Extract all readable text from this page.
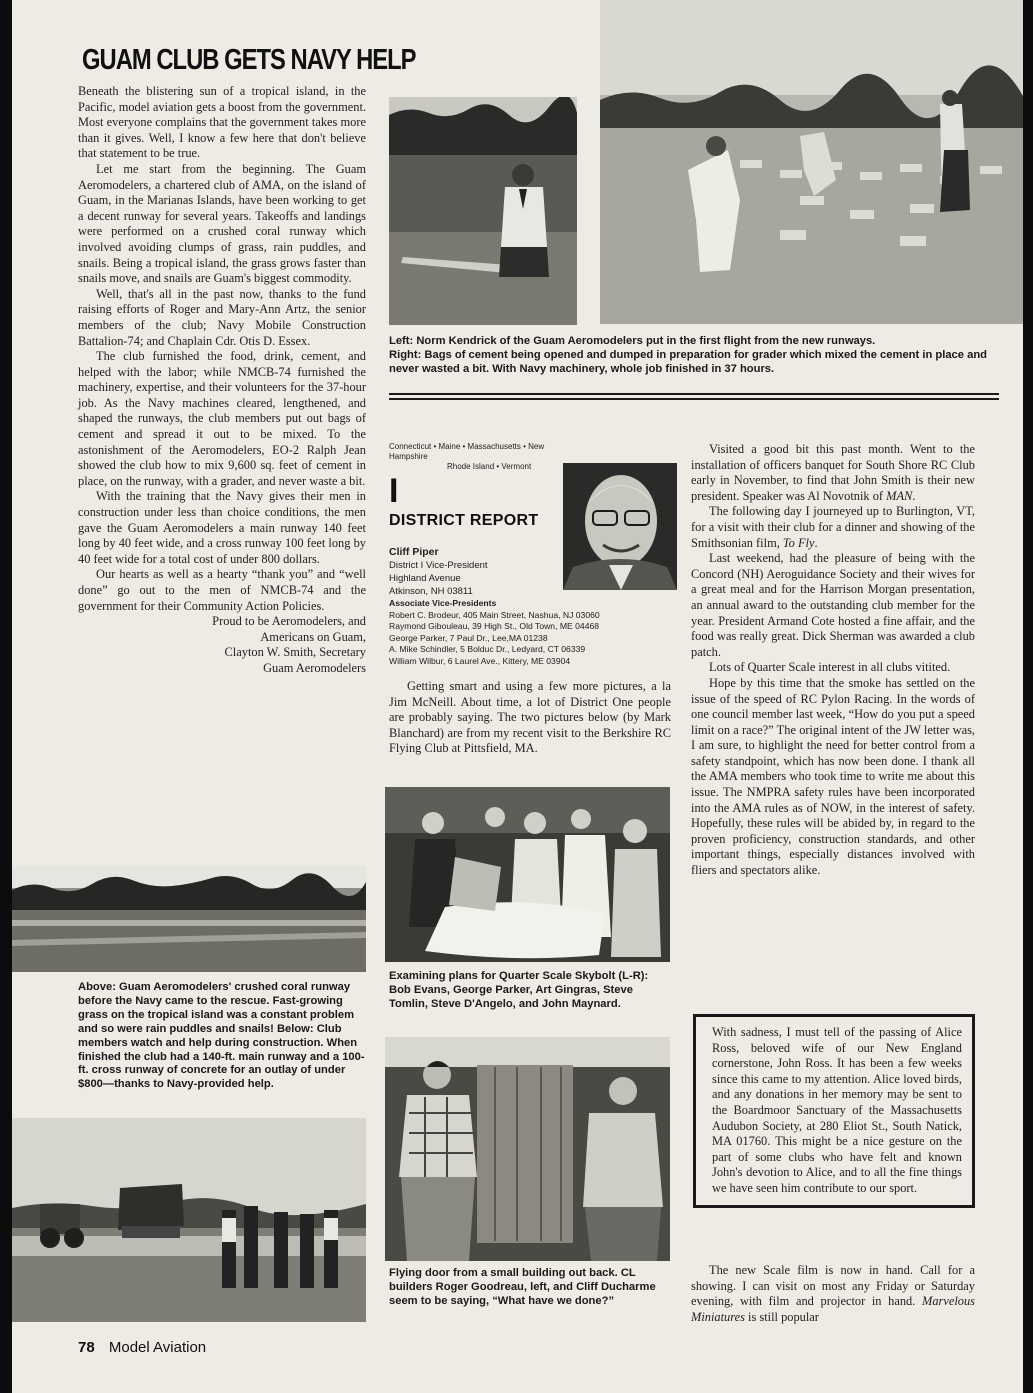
GUAM CLUB GETS NAVY HELP

Beneath the blistering sun of a tropical island, in the Pacific, model aviation gets a boost from the government. Most everyone complains that the government takes more than it gives. Well, I know a few here that don't believe that statement to be true.

Let me start from the beginning. The Guam Aeromodelers, a chartered club of AMA, on the island of Guam, in the Marianas Islands, have been working to get a decent runway for several years. Takeoffs and landings were performed on a crushed coral runway which involved avoiding clumps of grass, rain puddles, and snails. Being a tropical island, the grass grows faster than snails move, and snails are Guam's biggest commodity.

Well, that's all in the past now, thanks to the fund raising efforts of Roger and Mary-Ann Artz, the senior members of the club; Navy Mobile Construction Battalion-74; and Chaplain Cdr. Otis D. Essex.

The club furnished the food, drink, cement, and helped with the labor; while NMCB-74 furnished the machinery, expertise, and their volunteers for the 37-hour job. As the Navy machines cleared, lengthened, and shaped the runways, the club members put out bags of cement and spread it out to be mixed. To the astonishment of the Aeromodelers, EO-2 Ralph Jean showed the club how to mix 9,600 sq. feet of cement in place, on the runway, with a grader, and never waste a bit.

With the training that the Navy gives their men in construction under less than choice conditions, the men gave the Guam Aeromodelers a main runway 140 feet long by 40 feet wide, and a cross runway 100 feet long by 40 feet wide for a total cost of under 800 dollars.

Our hearts as well as a hearty “thank you” and “well done” go out to the men of NMCB-74 and the government for their Community Action Policies.

Proud to be Aeromodelers, and
Americans on Guam,
Clayton W. Smith, Secretary
Guam Aeromodelers
Left: Norm Kendrick of the Guam Aeromodelers put in the first flight from the new runways.
Right: Bags of cement being opened and dumped in preparation for grader which mixed the cement in place and never wasted a bit. With Navy machinery, whole job finished in 37 hours.
Above: Guam Aeromodelers' crushed coral runway before the Navy came to the rescue. Fast-growing grass on the tropical island was a constant problem and so were rain puddles and snails! Below: Club members watch and help during construction. When finished the club had a 140-ft. main runway and a 100-ft. cross runway of concrete for an outlay of under $800—thanks to Navy-provided help.
Connecticut • Maine • Massachusetts • New Hampshire
Rhode Island • Vermont
I
DISTRICT REPORT
Cliff Piper
District I Vice-President
Highland Avenue
Atkinson, NH 03811
Associate Vice-Presidents
Robert C. Brodeur, 405 Main Street, Nashua, NJ 03060
Raymond Gibouleau, 39 High St., Old Town, ME 04468
George Parker, 7 Paul Dr., Lee,MA 01238
A. Mike Schindler, 5 Bolduc Dr., Ledyard, CT 06339
William Wilbur, 6 Laurel Ave., Kittery, ME 03904

Getting smart and using a few more pictures, a la Jim McNeill. About time, a lot of District One people are probably saying. The two pictures below (by Mark Blanchard) are from my recent visit to the Berkshire RC Flying Club at Pittsfield, MA.

Examining plans for Quarter Scale Skybolt (L-R): Bob Evans, George Parker, Art Gingras, Steve Tomlin, Steve D'Angelo, and John Maynard.
Flying door from a small building out back. CL builders Roger Goodreau, left, and Cliff Ducharme seem to be saying, “What have we done?”

Visited a good bit this past month. Went to the installation of officers banquet for South Shore RC Club early in November, to find that John Smith is their new president. Speaker was Al Novotnik of MAN.

The following day I journeyed up to Burlington, VT, for a visit with their club for a dinner and showing of the Smithsonian film, To Fly.

Last weekend, had the pleasure of being with the Concord (NH) Aeroguidance Society and their wives for a great meal and for the Harrison Morgan presentation, an annual award to the outstanding club member for the year. President Armand Cote hosted a fine affair, and the food was really great. Dick Sherman was awarded a club patch.

Lots of Quarter Scale interest in all clubs vitited.

Hope by this time that the smoke has settled on the issue of the speed of RC Pylon Racing. In the words of one council member last week, “How do you put a speed limit on a race?” The original intent of the JW letter was, I am sure, to highlight the need for better control from a safety standpoint, which has now been done. I thank all the AMA members who took time to write me about this issue. The NMPRA safety rules have been incorporated into the AMA rules as of NOW, in the interest of safety. Hopefully, these rules will be abided by, in regard to the proven proficiency, construction standards, and other important things, especially distances involved with fliers and spectators alike.

With sadness, I must tell of the passing of Alice Ross, beloved wife of our New England cornerstone, John Ross. It has been a few weeks since this came to my attention. Alice loved birds, and any donations in her memory may be sent to the Boardmoor Sanctuary of the Massachusetts Audubon Society, at 280 Eliot St., South Natick, MA 01760. This might be a nice gesture on the part of some clubs who have felt and known John's devotion to Alice, and to all the fine things we have seen him contribute to our sport.

The new Scale film is now in hand. Call for a showing. I can visit on most any Friday or Saturday evening, with film and projector in hand. Marvelous Miniatures is still popular

78 Model Aviation
